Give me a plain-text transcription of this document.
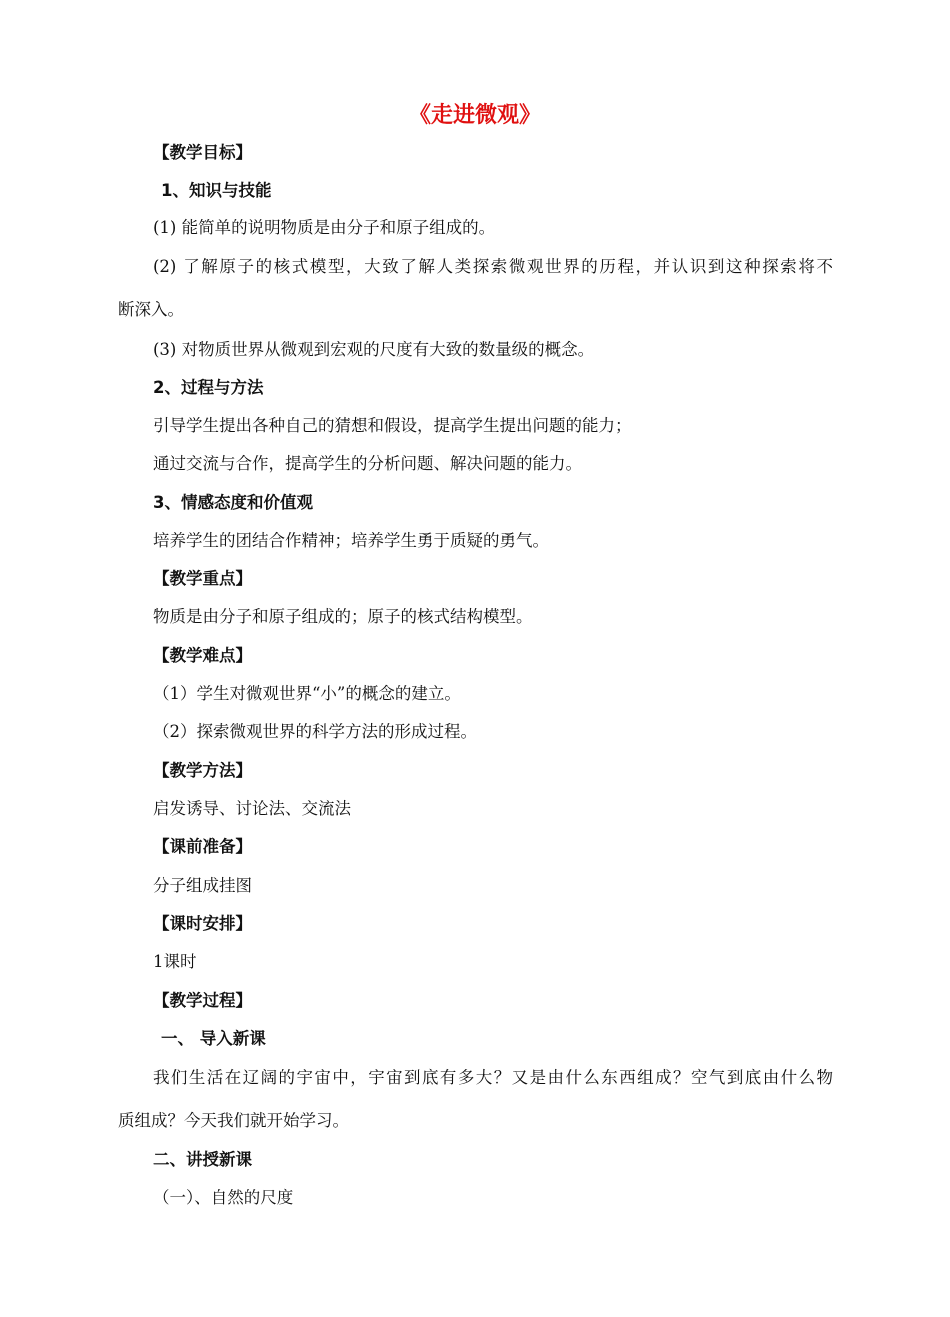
《走进微观》
【教学目标】
1、知识与技能
(1) 能简单的说明物质是由分子和原子组成的。
(2) 了解原子的核式模型，大致了解人类探索微观世界的历程，并认识到这种探索将不
断深入。
(3) 对物质世界从微观到宏观的尺度有大致的数量级的概念。
2、过程与方法
引导学生提出各种自己的猜想和假设，提高学生提出问题的能力；
通过交流与合作，提高学生的分析问题、解决问题的能力。
3、情感态度和价值观
培养学生的团结合作精神；培养学生勇于质疑的勇气。
【教学重点】
物质是由分子和原子组成的；原子的核式结构模型。
【教学难点】
（1）学生对微观世界“小”的概念的建立。
（2）探索微观世界的科学方法的形成过程。
【教学方法】
启发诱导、讨论法、交流法
【课前准备】
分子组成挂图
【课时安排】
1课时
【教学过程】
一、 导入新课
我们生活在辽阔的宇宙中，宇宙到底有多大？又是由什么东西组成？空气到底由什么物
质组成？今天我们就开始学习。
二、讲授新课
（一）、自然的尺度
